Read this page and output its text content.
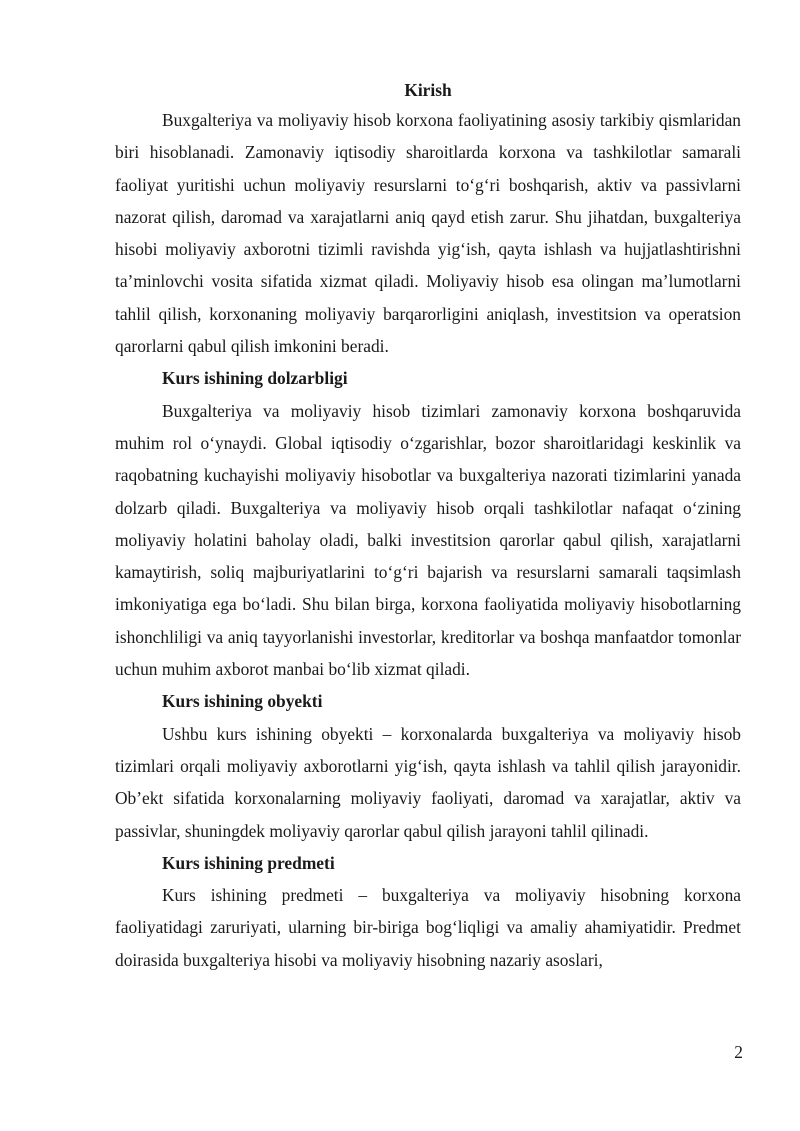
Kirish

Buxgalteriya va moliyaviy hisob korxona faoliyatining asosiy tarkibiy qismlaridan biri hisoblanadi. Zamonaviy iqtisodiy sharoitlarda korxona va tashkilotlar samarali faoliyat yuritishi uchun moliyaviy resurslarni to‘g‘ri boshqarish, aktiv va passivlarni nazorat qilish, daromad va xarajatlarni aniq qayd etish zarur. Shu jihatdan, buxgalteriya hisobi moliyaviy axborotni tizimli ravishda yig‘ish, qayta ishlash va hujjatlashtirishni ta’minlovchi vosita sifatida xizmat qiladi. Moliyaviy hisob esa olingan ma’lumotlarni tahlil qilish, korxonaning moliyaviy barqarorligini aniqlash, investitsion va operatsion qarorlarni qabul qilish imkonini beradi.

Kurs ishining dolzarbligi

Buxgalteriya va moliyaviy hisob tizimlari zamonaviy korxona boshqaruvida muhim rol o‘ynaydi. Global iqtisodiy o‘zgarishlar, bozor sharoitlaridagi keskinlik va raqobatning kuchayishi moliyaviy hisobotlar va buxgalteriya nazorati tizimlarini yanada dolzarb qiladi. Buxgalteriya va moliyaviy hisob orqali tashkilotlar nafaqat o‘zining moliyaviy holatini baholay oladi, balki investitsion qarorlar qabul qilish, xarajatlarni kamaytirish, soliq majburiyatlarini to‘g‘ri bajarish va resurslarni samarali taqsimlash imkoniyatiga ega bo‘ladi. Shu bilan birga, korxona faoliyatida moliyaviy hisobotlarning ishonchliligi va aniq tayyorlanishi investorlar, kreditorlar va boshqa manfaatdor tomonlar uchun muhim axborot manbai bo‘lib xizmat qiladi.

Kurs ishining obyekti

Ushbu kurs ishining obyekti – korxonalarda buxgalteriya va moliyaviy hisob tizimlari orqali moliyaviy axborotlarni yig‘ish, qayta ishlash va tahlil qilish jarayonidir. Ob’ekt sifatida korxonalarning moliyaviy faoliyati, daromad va xarajatlar, aktiv va passivlar, shuningdek moliyaviy qarorlar qabul qilish jarayoni tahlil qilinadi.

Kurs ishining predmeti

Kurs ishining predmeti – buxgalteriya va moliyaviy hisobning korxona faoliyatidagi zaruriyati, ularning bir-biriga bog‘liqligi va amaliy ahamiyatidir. Predmet doirasida buxgalteriya hisobi va moliyaviy hisobning nazariy asoslari,

2
